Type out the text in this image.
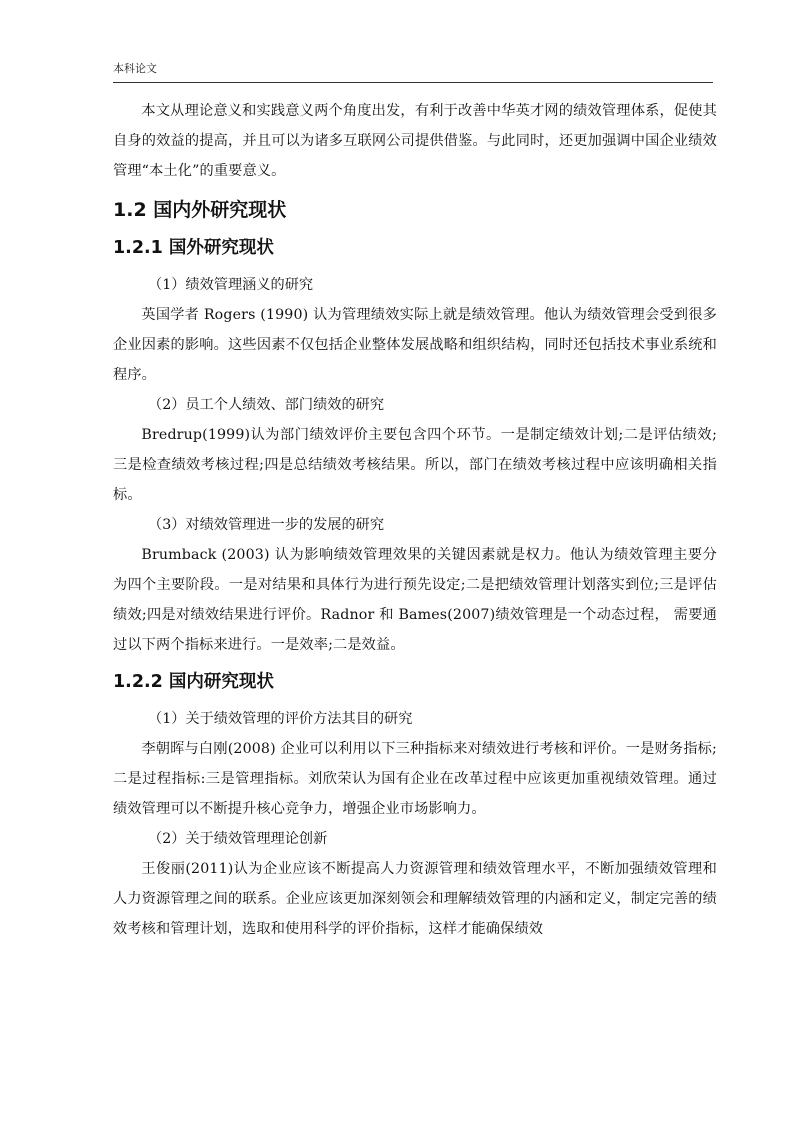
本科论文

本文从理论意义和实践意义两个角度出发，有利于改善中华英才网的绩效管理体系，促使其自身的效益的提高，并且可以为诸多互联网公司提供借鉴。与此同时，还更加强调中国企业绩效管理“本土化”的重要意义。

1.2 国内外研究现状
1.2.1 国外研究现状

（1）绩效管理涵义的研究

英国学者 Rogers (1990) 认为管理绩效实际上就是绩效管理。他认为绩效管理会受到很多企业因素的影响。这些因素不仅包括企业整体发展战略和组织结构，同时还包括技术事业系统和程序。

（2）员工个人绩效、部门绩效的研究

Bredrup(1999)认为部门绩效评价主要包含四个环节。一是制定绩效计划;二是评估绩效;三是检查绩效考核过程;四是总结绩效考核结果。所以，部门在绩效考核过程中应该明确相关指标。

（3）对绩效管理进一步的发展的研究

Brumback (2003) 认为影响绩效管理效果的关键因素就是权力。他认为绩效管理主要分为四个主要阶段。一是对结果和具体行为进行预先设定;二是把绩效管理计划落实到位;三是评估绩效;四是对绩效结果进行评价。Radnor 和 Bames(2007)绩效管理是一个动态过程， 需要通过以下两个指标来进行。一是效率;二是效益。

1.2.2 国内研究现状

（1）关于绩效管理的评价方法其目的研究

李朝晖与白刚(2008) 企业可以利用以下三种指标来对绩效进行考核和评价。一是财务指标;二是过程指标:三是管理指标。刘欣荣认为国有企业在改革过程中应该更加重视绩效管理。通过绩效管理可以不断提升核心竞争力，增强企业市场影响力。

（2）关于绩效管理理论创新

王俊丽(2011)认为企业应该不断提高人力资源管理和绩效管理水平，不断加强绩效管理和人力资源管理之间的联系。企业应该更加深刻领会和理解绩效管理的内涵和定义，制定完善的绩效考核和管理计划，选取和使用科学的评价指标，这样才能确保绩效
